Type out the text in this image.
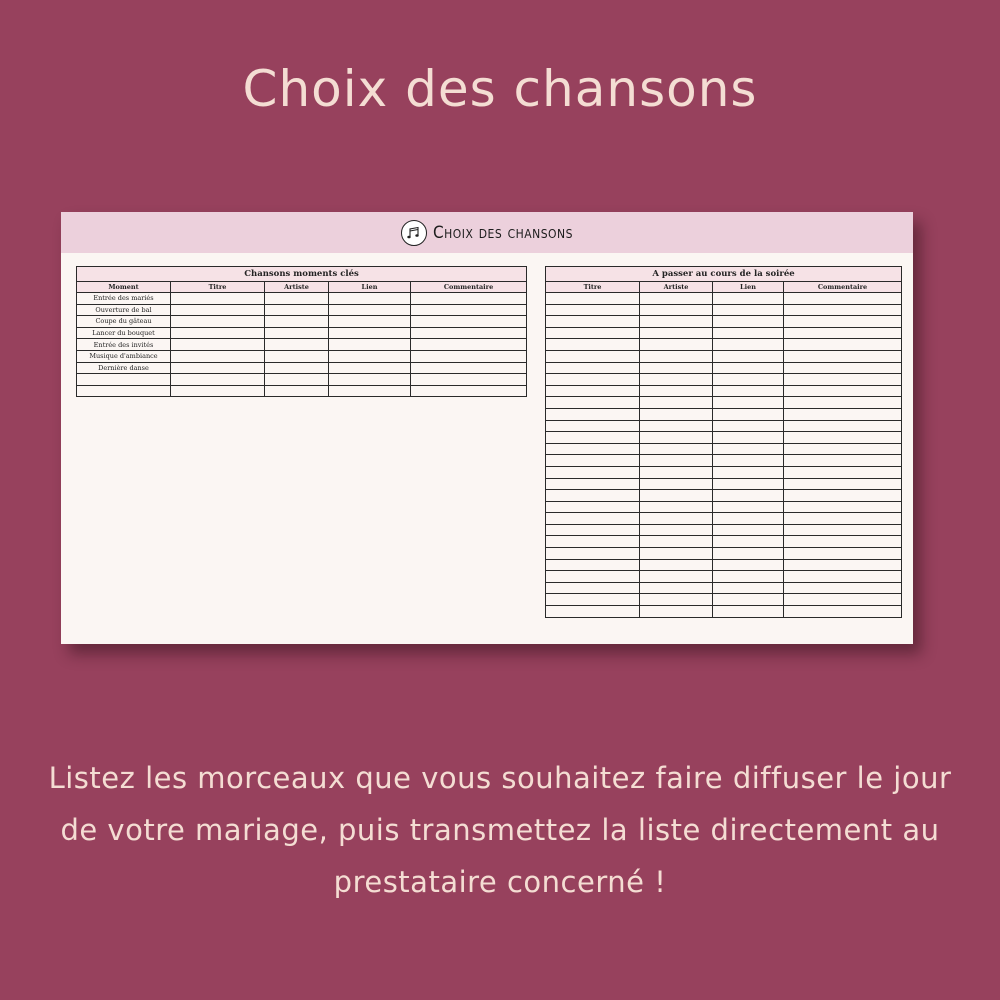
Choix des chansons
Choix des chansons
Chansons moments clés				
Moment	Titre	Artiste	Lien	Commentaire
Entrée des mariés				
Ouverture de bal				
Coupe du gâteau				
Lancer du bouquet				
Entrée des invités				
Musique d'ambiance				
Dernière danse				

A passer au cours de la soirée			
Titre	Artiste	Lien	Commentaire

Listez les morceaux que vous souhaitez faire diffuser le jour de votre mariage, puis transmettez la liste directement au prestataire concerné !
